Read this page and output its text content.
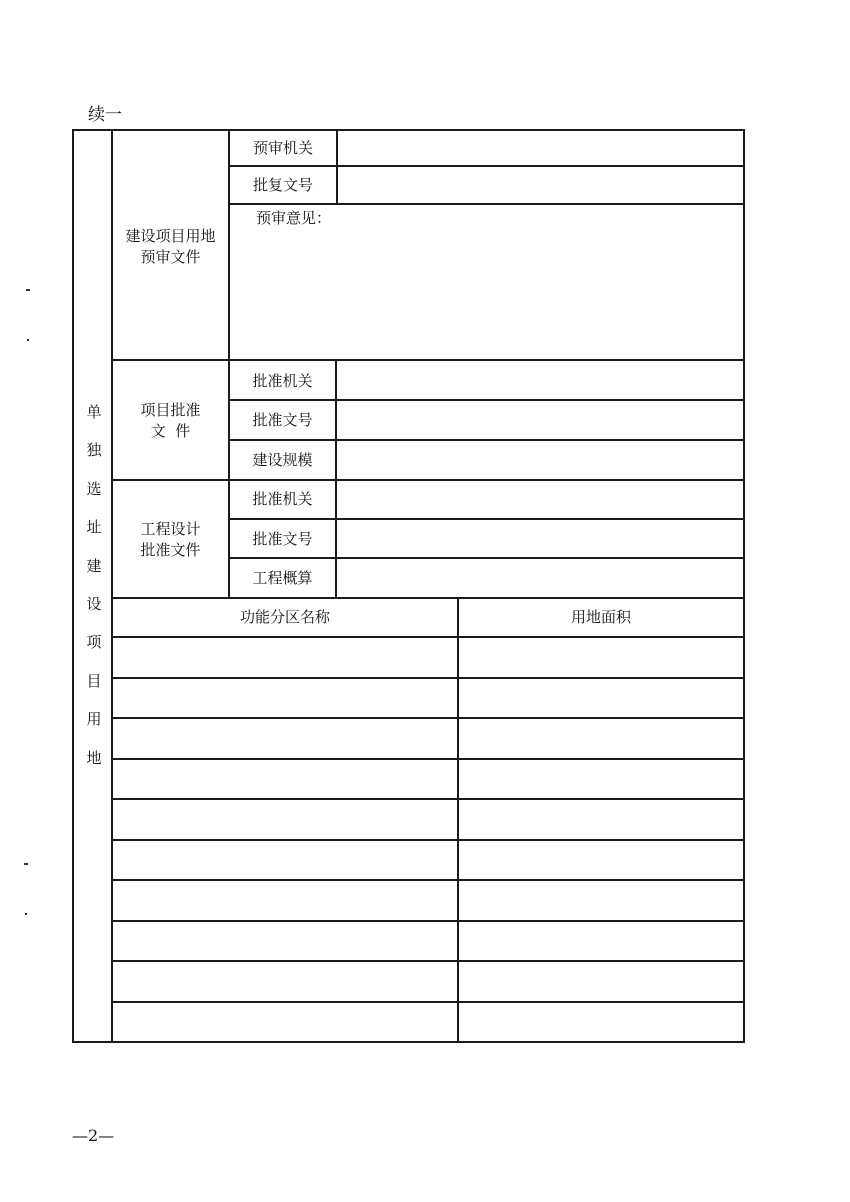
续一
单
独
选
址
建
设
项
目
用
地
建设项目用地
预审文件
项目批准
文  件
工程设计
批准文件
预审机关
批复文号
预审意见：
批准机关
批准文号
建设规模
批准机关
批准文号
工程概算
功能分区名称	用地面积
—2—
